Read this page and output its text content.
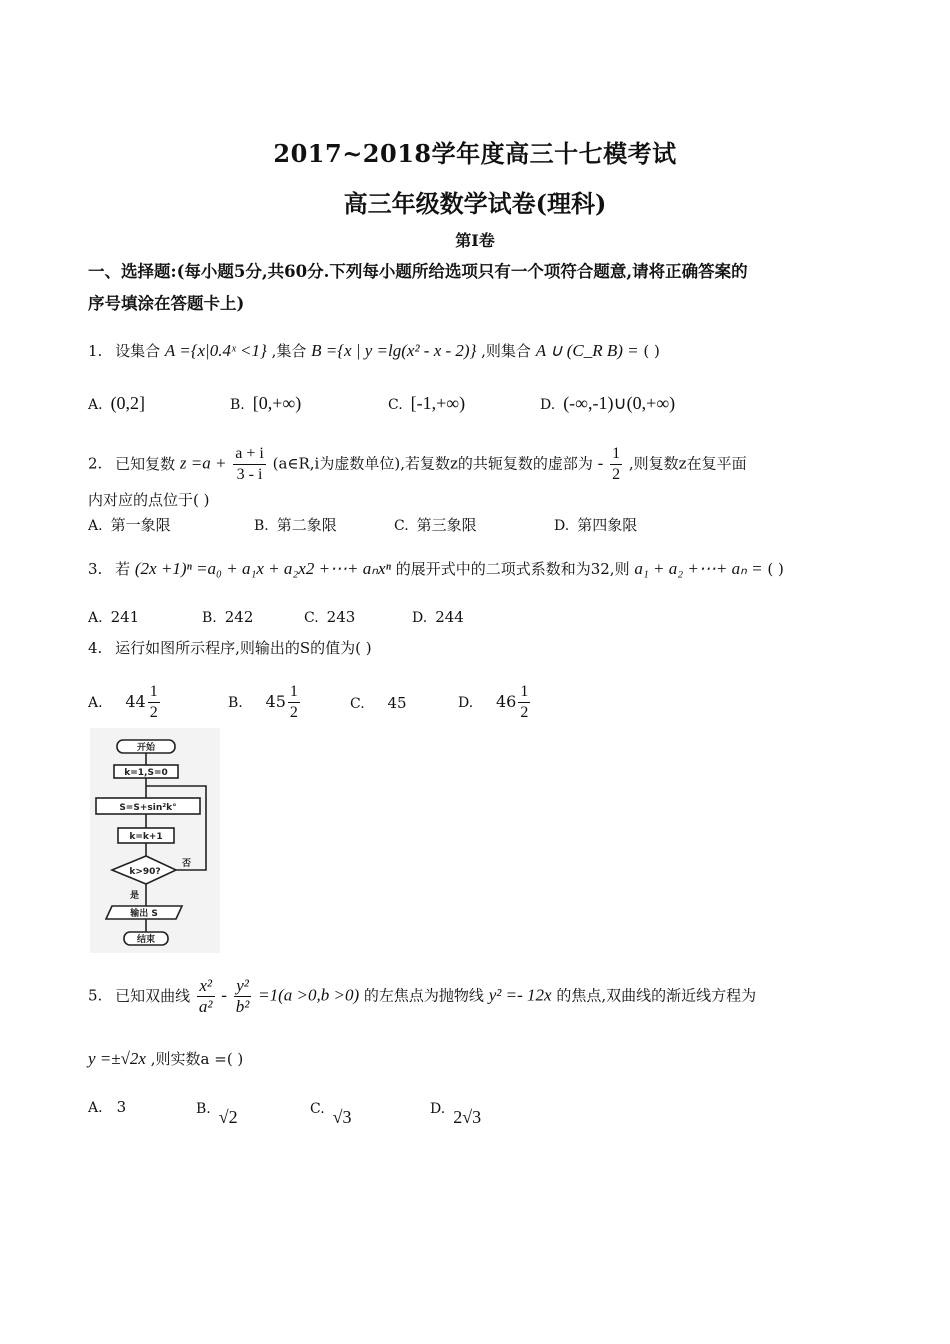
2017~2018学年度高三十七模考试
高三年级数学试卷(理科)
第Ⅰ卷
一、选择题:(每小题5分,共60分.下列每小题所给选项只有一个项符合题意,请将正确答案的
序号填涂在答题卡上)
1. 设集合 A ={x|0.4ˣ <1} ,集合 B ={x | y =lg(x² - x - 2)} ,则集合 A ∪ (C_R B) = ( )
A. (0,2]	B. [0,+∞)	C. [-1,+∞)	D. (-∞,-1)∪(0,+∞)
2. 已知复数 $z =a + \frac{a + i}{3 - i}$ (a∈R,i为虚数单位),若复数z的共轭复数的虚部为 - $\frac{1}{2}$ ,则复数z在复平面
内对应的点位于( )
A. 第一象限	B. 第二象限	C. 第三象限	D. 第四象限
3. 若 (2x +1)ⁿ =a₀ + a₁x + a₂x2 +⋯+ aₙxⁿ 的展开式中的二项式系数和为32,则 a₁ + a₂ +⋯+ aₙ = ( )
A. 241	B. 242	C. 243	D. 244
4. 运行如图所示程序,则输出的S的值为( )
A. $44 \frac{1}{2}$	B. $45 \frac{1}{2}$	C. 45	D. $46 \frac{1}{2}$
开始
k=1,S=0
S=S+sin²k°
k=k+1
k>90?
否
是
输出 S
结束
5. 已知双曲线 $\frac{\text{x²}}{\text{a²}} - \frac{\text{y²}}{\text{b²}} =1(a >0,b >0)$ 的左焦点为抛物线 y² =- 12x 的焦点,双曲线的渐近线方程为
y =±√2x ,则实数a =( )
A. 3	B. √2	C. √3	D. 2√3
